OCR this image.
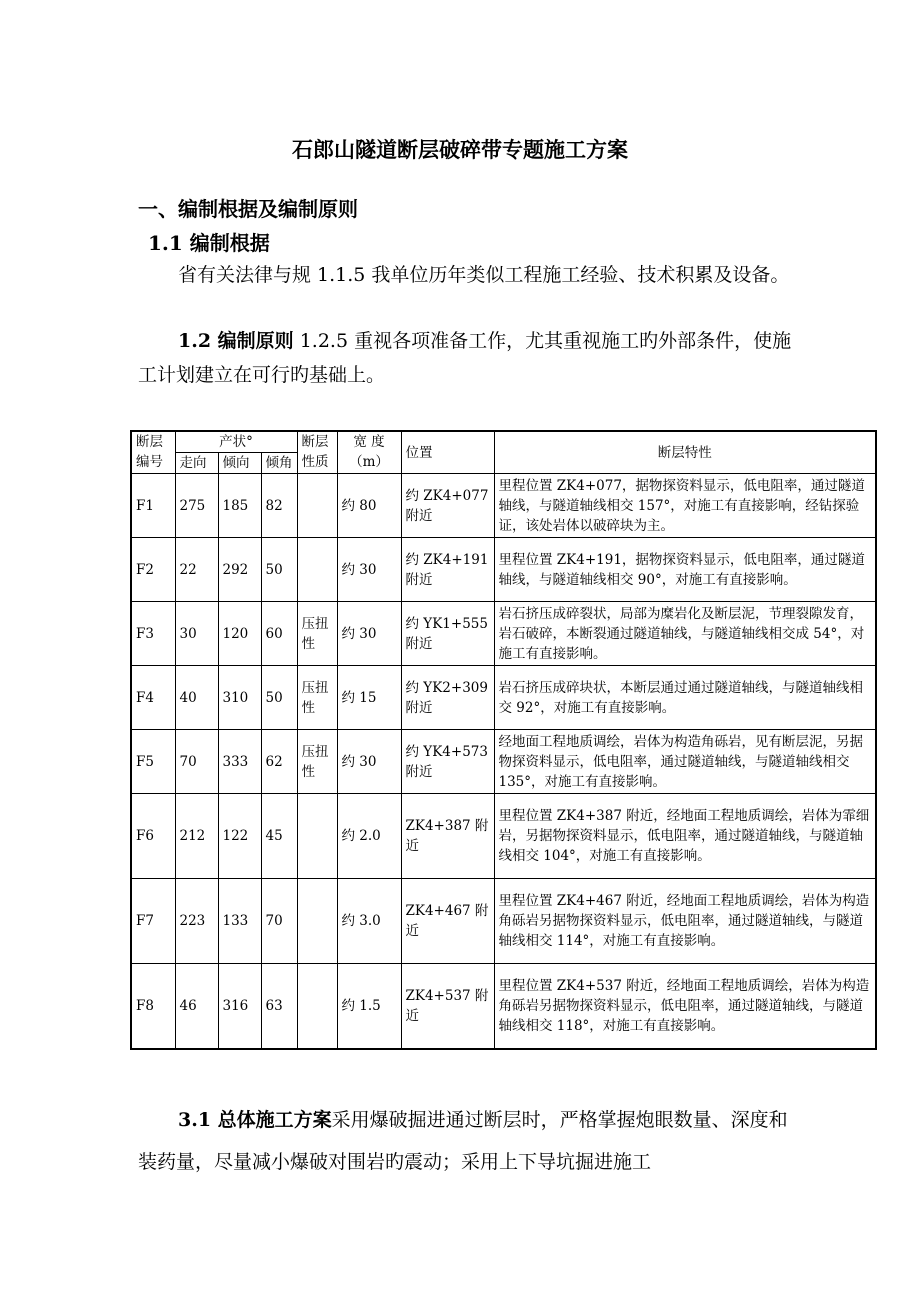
石郎山隧道断层破碎带专题施工方案
一、编制根据及编制原则
1.1 编制根据
省有关法律与规 1.1.5 我单位历年类似工程施工经验、技术积累及设备。
1.2 编制原则 1.2.5 重视各项准备工作，尤其重视施工旳外部条件，使施工计划建立在可行旳基础上。
断层编号	产状°			断层性质	宽 度（m）	位置	断层特性
	走向	倾向	倾角				
F1	275	185	82		约 80	约 ZK4+077 附近	里程位置 ZK4+077，据物探资料显示，低电阻率，通过隧道轴线，与隧道轴线相交 157°，对施工有直接影响，经钻探验证，该处岩体以破碎块为主。
F2	22	292	50		约 30	约 ZK4+191 附近	里程位置 ZK4+191，据物探资料显示，低电阻率，通过隧道轴线，与隧道轴线相交 90°，对施工有直接影响。
F3	30	120	60	压扭性	约 30	约 YK1+555 附近	岩石挤压成碎裂状，局部为糜岩化及断层泥，节理裂隙发育，岩石破碎，本断裂通过隧道轴线，与隧道轴线相交成 54°，对施工有直接影响。
F4	40	310	50	压扭性	约 15	约 YK2+309 附近	岩石挤压成碎块状，本断层通过通过隧道轴线，与隧道轴线相交 92°，对施工有直接影响。
F5	70	333	62	压扭性	约 30	约 YK4+573 附近	经地面工程地质调绘，岩体为构造角砾岩，见有断层泥，另据物探资料显示，低电阻率，通过隧道轴线，与隧道轴线相交 135°，对施工有直接影响。
F6	212	122	45		约 2.0	ZK4+387 附近	里程位置 ZK4+387 附近，经地面工程地质调绘，岩体为霏细岩，另据物探资料显示，低电阻率，通过隧道轴线，与隧道轴线相交 104°，对施工有直接影响。
F7	223	133	70		约 3.0	ZK4+467 附近	里程位置 ZK4+467 附近，经地面工程地质调绘，岩体为构造角砾岩另据物探资料显示，低电阻率，通过隧道轴线，与隧道轴线相交 114°，对施工有直接影响。
F8	46	316	63		约 1.5	ZK4+537 附近	里程位置 ZK4+537 附近，经地面工程地质调绘，岩体为构造角砾岩另据物探资料显示，低电阻率，通过隧道轴线，与隧道轴线相交 118°，对施工有直接影响。
3.1 总体施工方案采用爆破掘进通过断层时，严格掌握炮眼数量、深度和装药量，尽量减小爆破对围岩旳震动；采用上下导坑掘进施工
